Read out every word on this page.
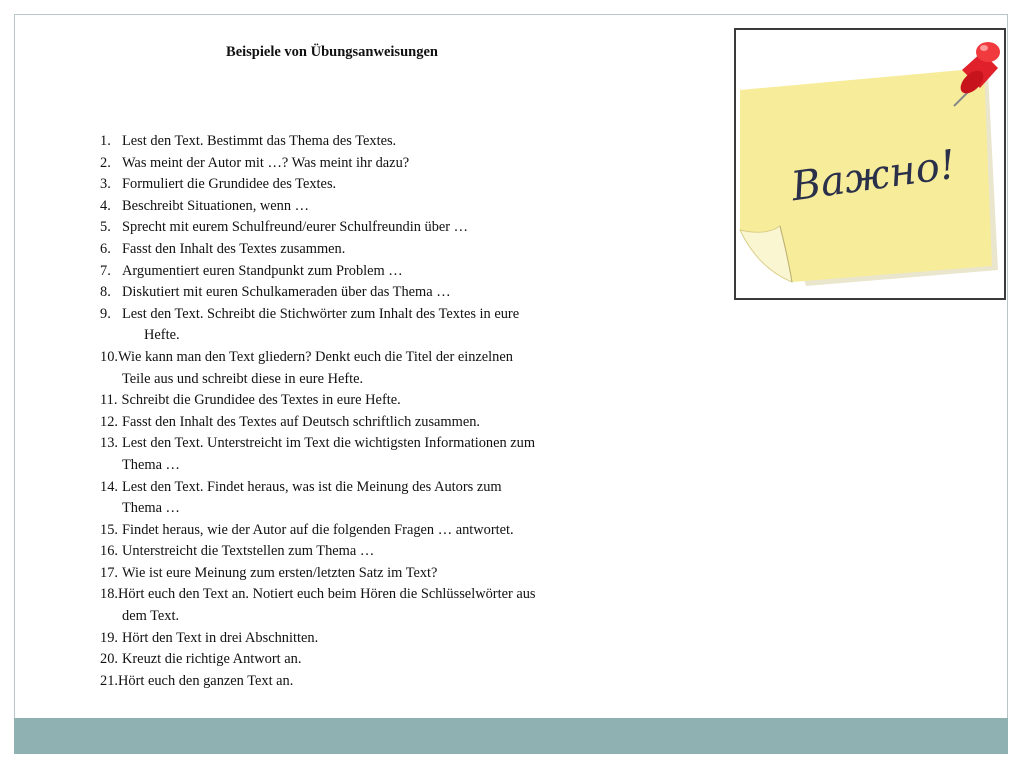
Beispiele von Übungsanweisungen
1. Lest den Text. Bestimmt das Thema des Textes.
2. Was meint der Autor mit …? Was meint ihr dazu?
3. Formuliert die Grundidee des Textes.
4. Beschreibt Situationen, wenn …
5. Sprecht mit eurem Schulfreund/eurer Schulfreundin über …
6. Fasst den Inhalt des Textes zusammen.
7. Argumentiert euren Standpunkt zum Problem …
8. Diskutiert mit euren Schulkameraden über das Thema …
9. Lest den Text. Schreibt die Stichwörter zum Inhalt des Textes in eure
Hefte.
10.Wie kann man den Text gliedern? Denkt euch die Titel der einzelnen
Teile aus und schreibt diese in eure Hefte.
11. Schreibt die Grundidee des Textes in eure Hefte.
12. Fasst den Inhalt des Textes auf Deutsch schriftlich zusammen.
13. Lest den Text. Unterstreicht im Text die wichtigsten Informationen zum
Thema …
14. Lest den Text. Findet heraus, was ist die Meinung des Autors zum
Thema …
15. Findet heraus, wie der Autor auf die folgenden Fragen … antwortet.
16. Unterstreicht die Textstellen zum Thema …
17. Wie ist eure Meinung zum ersten/letzten Satz im Text?
18.Hört euch den Text an. Notiert euch beim Hören die Schlüsselwörter aus
dem Text.
19. Hört den Text in drei Abschnitten.
20. Kreuzt die richtige Antwort an.
21.Hört euch den ganzen Text an.
Важно!
